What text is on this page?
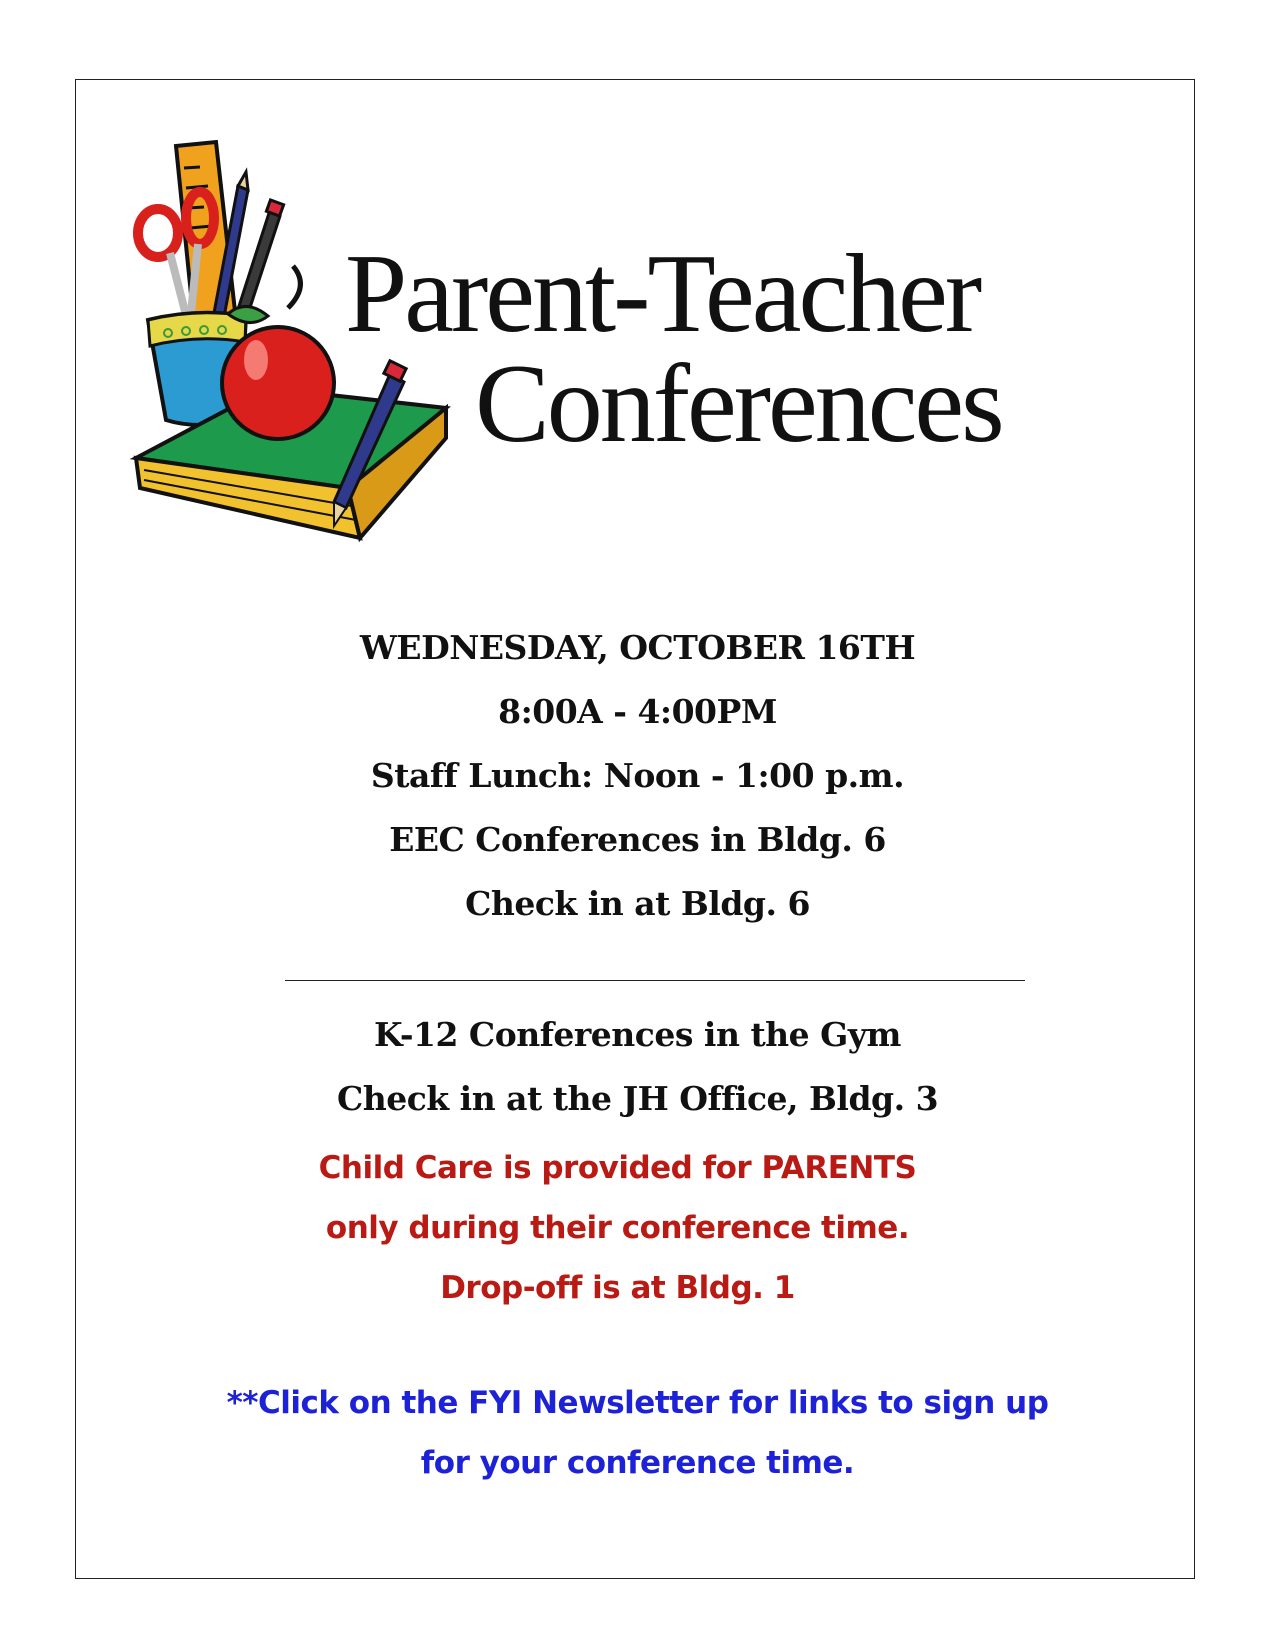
Parent-Teacher
Conferences
WEDNESDAY, OCTOBER 16TH
8:00A - 4:00PM
Staff Lunch: Noon - 1:00 p.m.
EEC Conferences in Bldg. 6
Check in at Bldg. 6
K-12 Conferences in the Gym
Check in at the JH Office, Bldg. 3
Child Care is provided for PARENTS
only during their conference time.
Drop-off is at Bldg. 1
**Click on the FYI Newsletter for links to sign up
for your conference time.
